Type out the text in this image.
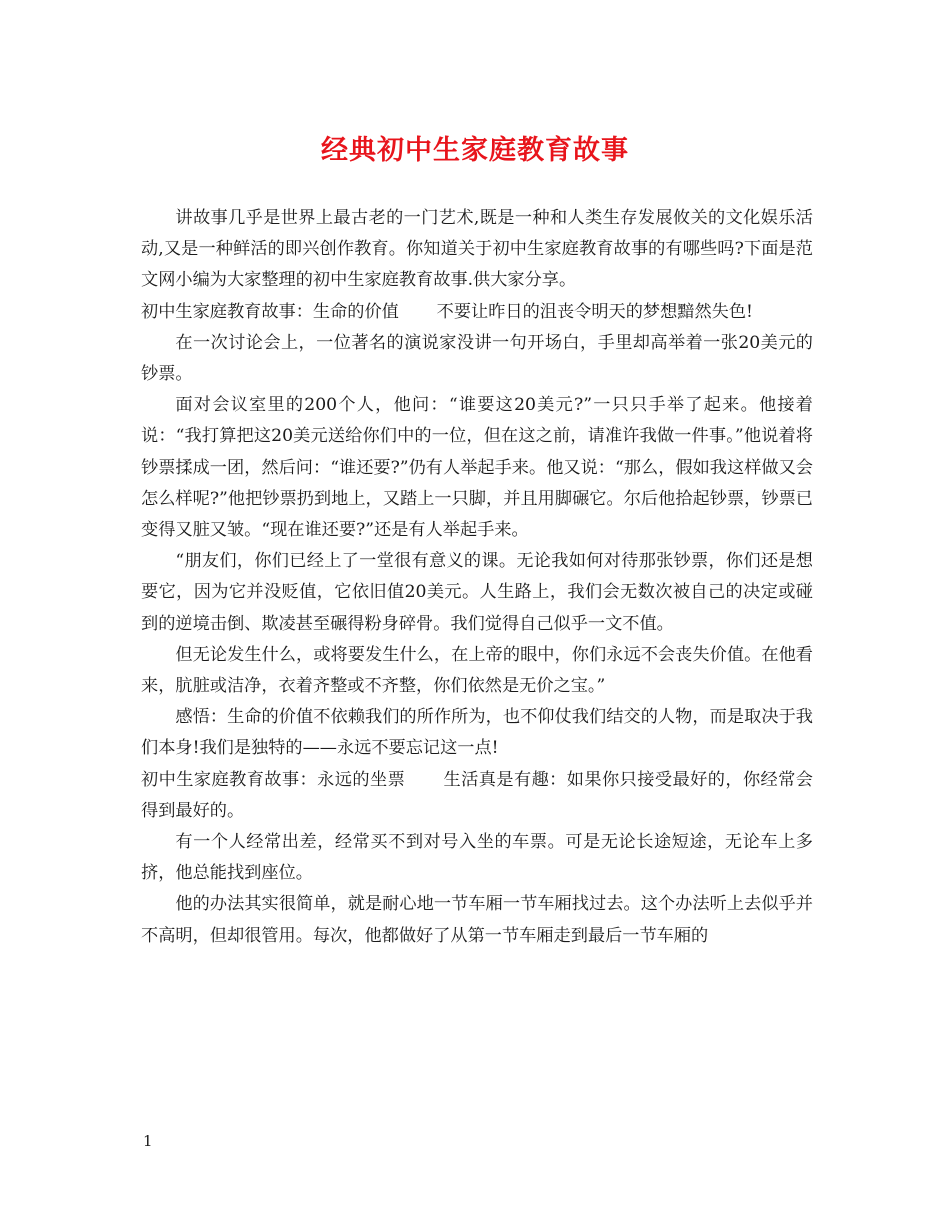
经典初中生家庭教育故事

讲故事几乎是世界上最古老的一门艺术,既是一种和人类生存发展攸关的文化娱乐活动,又是一种鲜活的即兴创作教育。你知道关于初中生家庭教育故事的有哪些吗?下面是范文网小编为大家整理的初中生家庭教育故事.供大家分享。

初中生家庭教育故事：生命的价值 不要让昨日的沮丧令明天的梦想黯然失色!

在一次讨论会上，一位著名的演说家没讲一句开场白，手里却高举着一张20美元的钞票。

面对会议室里的200个人，他问：“谁要这20美元?”一只只手举了起来。他接着说：“我打算把这20美元送给你们中的一位，但在这之前，请准许我做一件事。”他说着将钞票揉成一团，然后问：“谁还要?”仍有人举起手来。他又说：“那么，假如我这样做又会怎么样呢?”他把钞票扔到地上，又踏上一只脚，并且用脚碾它。尔后他拾起钞票，钞票已变得又脏又皱。“现在谁还要?”还是有人举起手来。

“朋友们，你们已经上了一堂很有意义的课。无论我如何对待那张钞票，你们还是想要它，因为它并没贬值，它依旧值20美元。人生路上，我们会无数次被自己的决定或碰到的逆境击倒、欺凌甚至碾得粉身碎骨。我们觉得自己似乎一文不值。

但无论发生什么，或将要发生什么，在上帝的眼中，你们永远不会丧失价值。在他看来，肮脏或洁净，衣着齐整或不齐整，你们依然是无价之宝。”

感悟：生命的价值不依赖我们的所作所为，也不仰仗我们结交的人物，而是取决于我们本身!我们是独特的——永远不要忘记这一点!

初中生家庭教育故事：永远的坐票 生活真是有趣：如果你只接受最好的，你经常会得到最好的。

有一个人经常出差，经常买不到对号入坐的车票。可是无论长途短途，无论车上多挤，他总能找到座位。

他的办法其实很简单，就是耐心地一节车厢一节车厢找过去。这个办法听上去似乎并不高明，但却很管用。每次，他都做好了从第一节车厢走到最后一节车厢的

1
